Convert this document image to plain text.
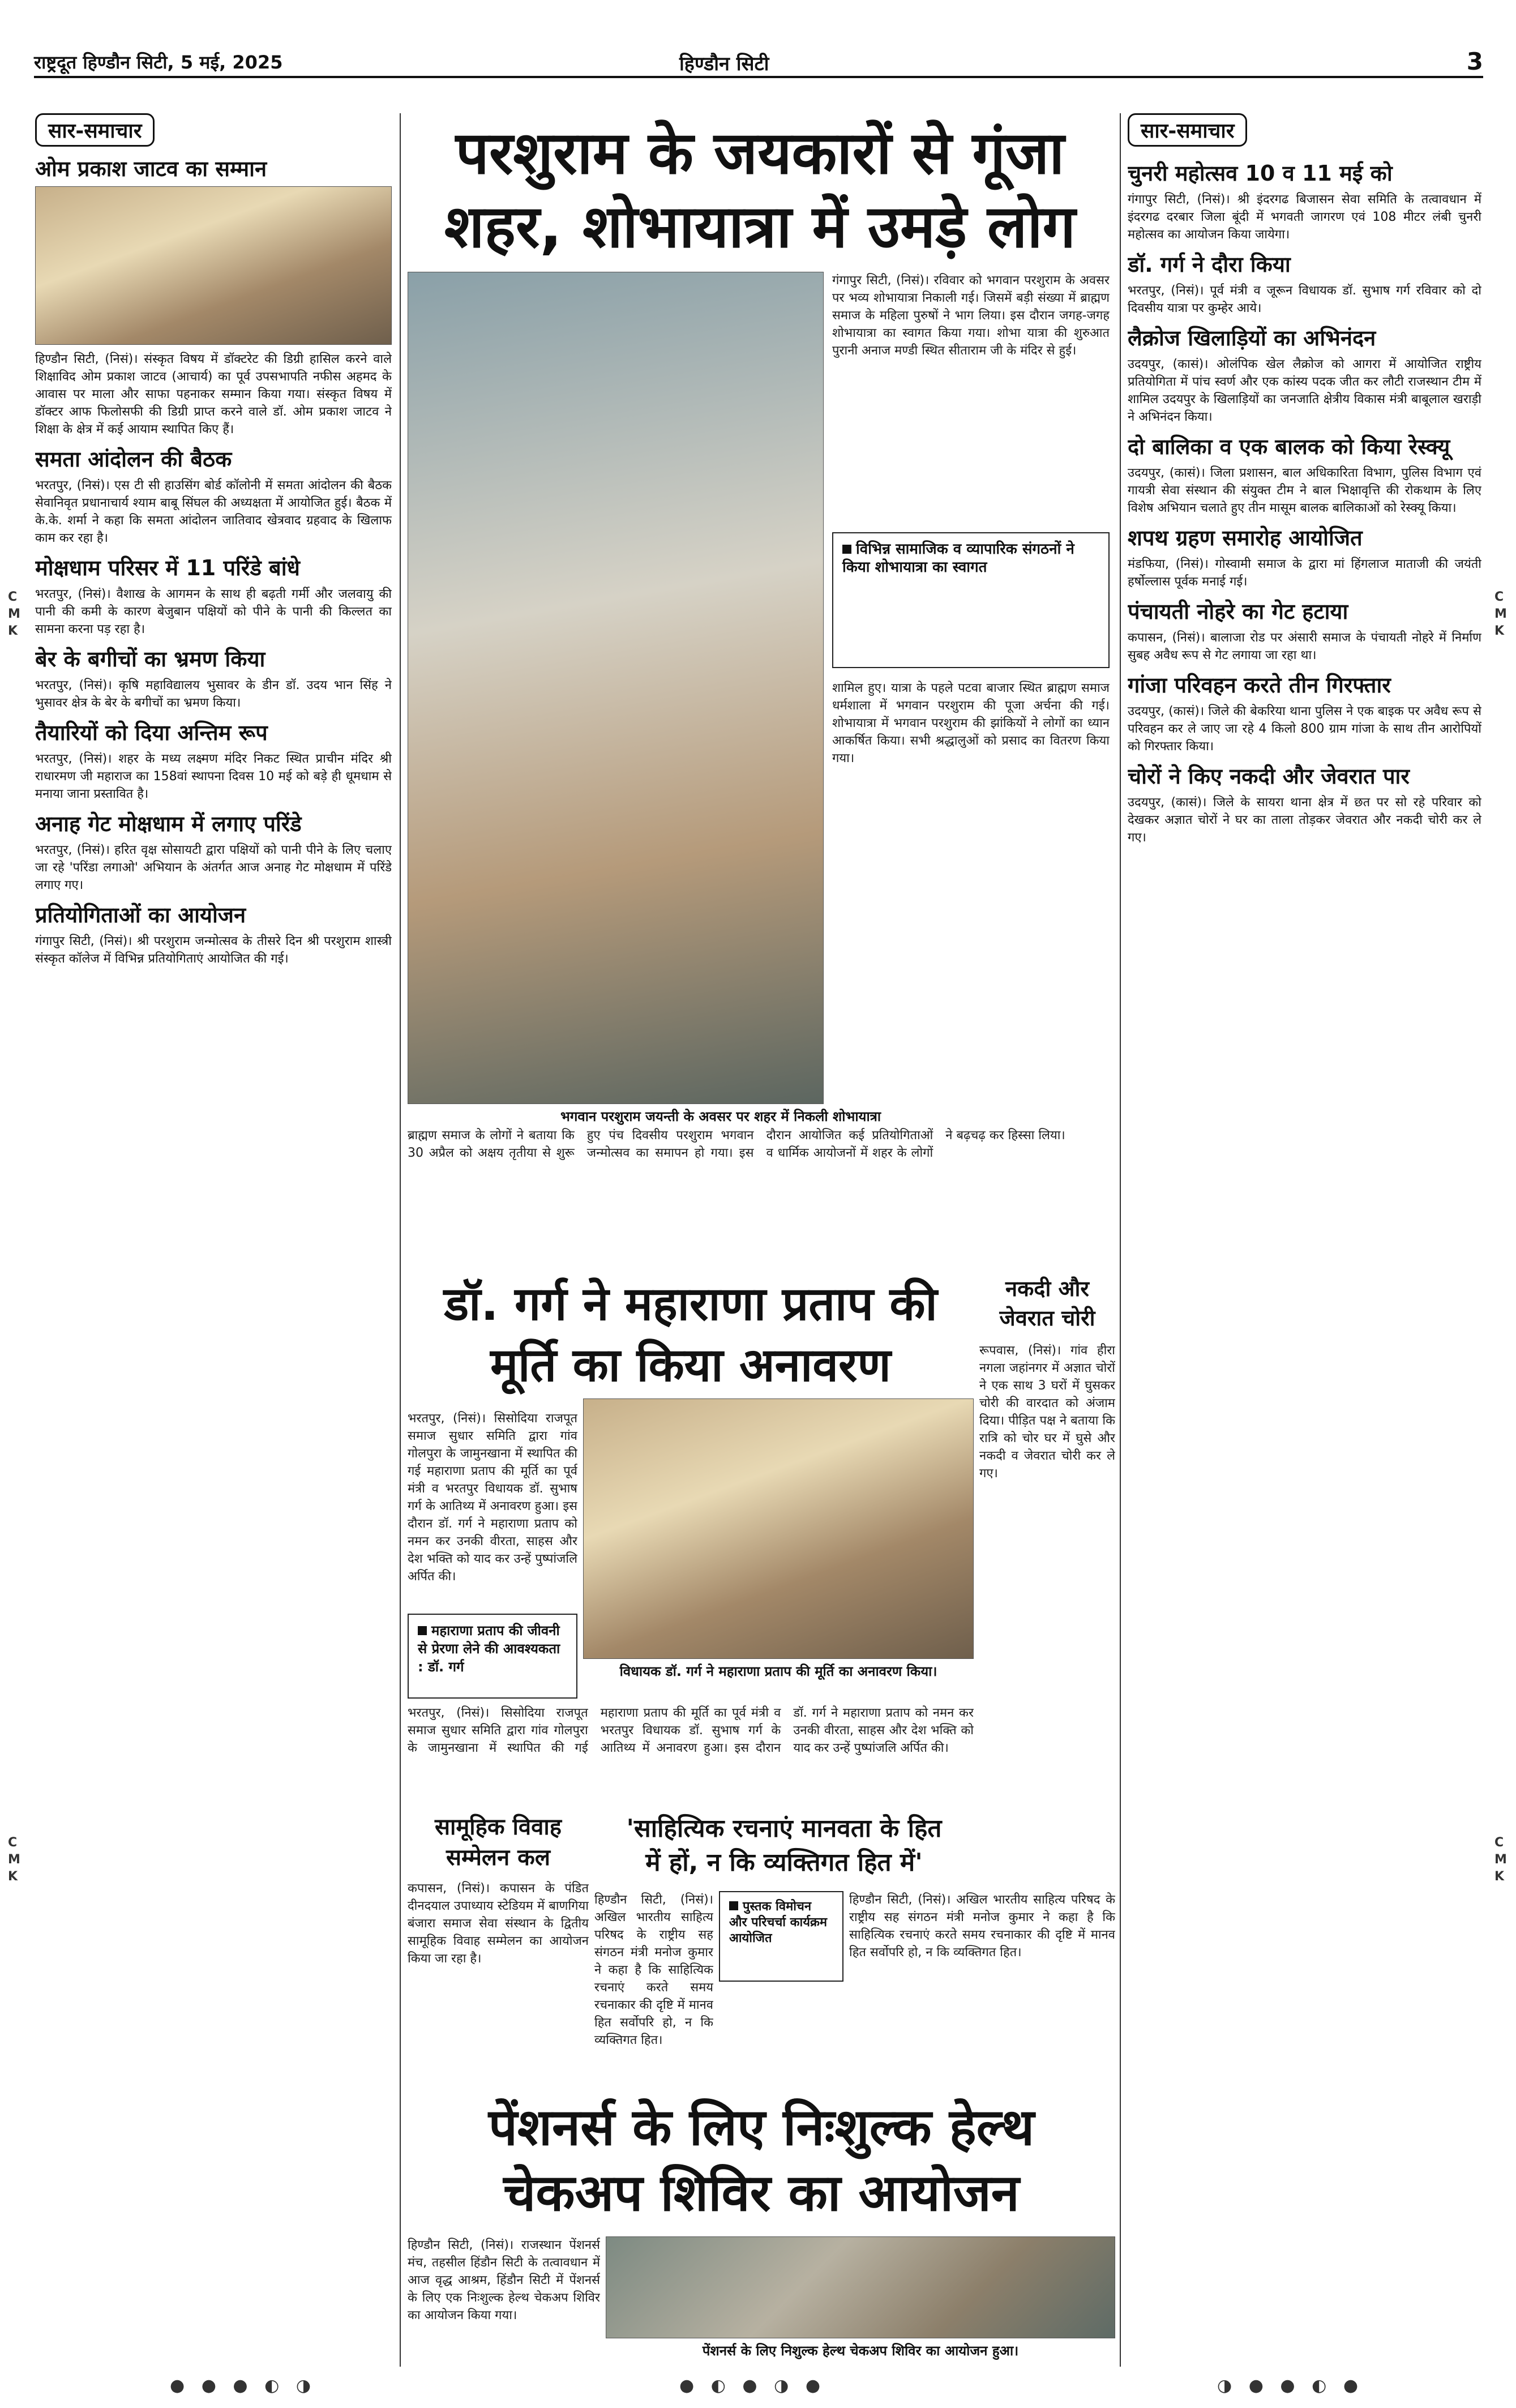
राष्ट्रदूत हिण्डौन सिटी, 5 मई, 2025	हिण्डौन सिटी	3
C
M
K
C
M
K
C
M
K
C
M
K
सार-समाचार
ओम प्रकाश जाटव का सम्मान
हिण्डौन सिटी, (निसं)। संस्कृत विषय में डॉक्टरेट की डिग्री हासिल करने वाले शिक्षाविद ओम प्रकाश जाटव (आचार्य) का पूर्व उपसभापति नफीस अहमद के आवास पर माला और साफा पहनाकर सम्मान किया गया। संस्कृत विषय में डॉक्टर आफ फिलोसफी की डिग्री प्राप्त करने वाले डॉ. ओम प्रकाश जाटव ने शिक्षा के क्षेत्र में कई आयाम स्थापित किए हैं।
समता आंदोलन की बैठक
भरतपुर, (निसं)। एस टी सी हाउसिंग बोर्ड कॉलोनी में समता आंदोलन की बैठक सेवानिवृत प्रधानाचार्य श्याम बाबू सिंघल की अध्यक्षता में आयोजित हुई। बैठक में के.के. शर्मा ने कहा कि समता आंदोलन जातिवाद खेत्रवाद ग्रहवाद के खिलाफ काम कर रहा है।
मोक्षधाम परिसर में 11 परिंडे बांधे
भरतपुर, (निसं)। वैशाख के आगमन के साथ ही बढ़ती गर्मी और जलवायु की पानी की कमी के कारण बेजुबान पक्षियों को पीने के पानी की किल्लत का सामना करना पड़ रहा है।
बेर के बगीचों का भ्रमण किया
भरतपुर, (निसं)। कृषि महाविद्यालय भुसावर के डीन डॉ. उदय भान सिंह ने भुसावर क्षेत्र के बेर के बगीचों का भ्रमण किया।
तैयारियों को दिया अन्तिम रूप
भरतपुर, (निसं)। शहर के मध्य लक्ष्मण मंदिर निकट स्थित प्राचीन मंदिर श्री राधारमण जी महाराज का 158वां स्थापना दिवस 10 मई को बड़े ही धूमधाम से मनाया जाना प्रस्तावित है।
अनाह गेट मोक्षधाम में लगाए परिंडे
भरतपुर, (निसं)। हरित वृक्ष सोसायटी द्वारा पक्षियों को पानी पीने के लिए चलाए जा रहे 'परिंडा लगाओ' अभियान के अंतर्गत आज अनाह गेट मोक्षधाम में परिंडे लगाए गए।
प्रतियोगिताओं का आयोजन
गंगापुर सिटी, (निसं)। श्री परशुराम जन्मोत्सव के तीसरे दिन श्री परशुराम शास्त्री संस्कृत कॉलेज में विभिन्न प्रतियोगिताएं आयोजित की गई।
परशुराम के जयकारों से गूंजा
शहर, शोभायात्रा में उमड़े लोग
भगवान परशुराम जयन्ती के अवसर पर शहर में निकली शोभायात्रा
गंगापुर सिटी, (निसं)। रविवार को भगवान परशुराम के अवसर पर भव्य शोभायात्रा निकाली गई। जिसमें बड़ी संख्या में ब्राह्मण समाज के महिला पुरुषों ने भाग लिया। इस दौरान जगह-जगह शोभायात्रा का स्वागत किया गया। शोभा यात्रा की शुरुआत पुरानी अनाज मण्डी स्थित सीताराम जी के मंदिर से हुई।
विभिन्न सामाजिक व व्यापारिक संगठनों ने किया शोभायात्रा का स्वागत
शामिल हुए। यात्रा के पहले पटवा बाजार स्थित ब्राह्मण समाज धर्मशाला में भगवान परशुराम की पूजा अर्चना की गई। शोभायात्रा में भगवान परशुराम की झांकियों ने लोगों का ध्यान आकर्षित किया। सभी श्रद्धालुओं को प्रसाद का वितरण किया गया।
ब्राह्मण समाज के लोगों ने बताया कि 30 अप्रैल को अक्षय तृतीया से शुरू हुए पंच दिवसीय परशुराम भगवान जन्मोत्सव का समापन हो गया। इस दौरान आयोजित कई प्रतियोगिताओं व धार्मिक आयोजनों में शहर के लोगों ने बढ़चढ़ कर हिस्सा लिया।
डॉ. गर्ग ने महाराणा प्रताप की
मूर्ति का किया अनावरण
नकदी और
जेवरात चोरी
भरतपुर, (निसं)। सिसोदिया राजपूत समाज सुधार समिति द्वारा गांव गोलपुरा के जामुनखाना में स्थापित की गई महाराणा प्रताप की मूर्ति का पूर्व मंत्री व भरतपुर विधायक डॉ. सुभाष गर्ग के आतिथ्य में अनावरण हुआ। इस दौरान डॉ. गर्ग ने महाराणा प्रताप को नमन कर उनकी वीरता, साहस और देश भक्ति को याद कर उन्हें पुष्पांजलि अर्पित की।
विधायक डॉ. गर्ग ने महाराणा प्रताप की मूर्ति का अनावरण किया।
महाराणा प्रताप की जीवनी से प्रेरणा लेने की आवश्यकता : डॉ. गर्ग
रूपवास, (निसं)। गांव हीरा नगला जहांनगर में अज्ञात चोरों ने एक साथ 3 घरों में घुसकर चोरी की वारदात को अंजाम दिया। पीड़ित पक्ष ने बताया कि रात्रि को चोर घर में घुसे और नकदी व जेवरात चोरी कर ले गए।
भरतपुर, (निसं)। सिसोदिया राजपूत समाज सुधार समिति द्वारा गांव गोलपुरा के जामुनखाना में स्थापित की गई महाराणा प्रताप की मूर्ति का पूर्व मंत्री व भरतपुर विधायक डॉ. सुभाष गर्ग के आतिथ्य में अनावरण हुआ। इस दौरान डॉ. गर्ग ने महाराणा प्रताप को नमन कर उनकी वीरता, साहस और देश भक्ति को याद कर उन्हें पुष्पांजलि अर्पित की।
सामूहिक विवाह
सम्मेलन कल
कपासन, (निसं)। कपासन के पंडित दीनदयाल उपाध्याय स्टेडियम में बाणगिया बंजारा समाज सेवा संस्थान के द्वितीय सामूहिक विवाह सम्मेलन का आयोजन किया जा रहा है।
'साहित्यिक रचनाएं मानवता के हित
में हों, न कि व्यक्तिगत हित में'
पुस्तक विमोचन और परिचर्चा कार्यक्रम आयोजित
हिण्डौन सिटी, (निसं)। अखिल भारतीय साहित्य परिषद के राष्ट्रीय सह संगठन मंत्री मनोज कुमार ने कहा है कि साहित्यिक रचनाएं करते समय रचनाकार की दृष्टि में मानव हित सर्वोपरि हो, न कि व्यक्तिगत हित।
हिण्डौन सिटी, (निसं)। अखिल भारतीय साहित्य परिषद के राष्ट्रीय सह संगठन मंत्री मनोज कुमार ने कहा है कि साहित्यिक रचनाएं करते समय रचनाकार की दृष्टि में मानव हित सर्वोपरि हो, न कि व्यक्तिगत हित।
पेंशनर्स के लिए निःशुल्क हेल्थ
चेकअप शिविर का आयोजन
हिण्डौन सिटी, (निसं)। राजस्थान पेंशनर्स मंच, तहसील हिंडौन सिटी के तत्वावधान में आज वृद्ध आश्रम, हिंडौन सिटी में पेंशनर्स के लिए एक निःशुल्क हेल्थ चेकअप शिविर का आयोजन किया गया।
पेंशनर्स के लिए निशुल्क हेल्थ चेकअप शिविर का आयोजन हुआ।
सार-समाचार
चुनरी महोत्सव 10 व 11 मई को
गंगापुर सिटी, (निसं)। श्री इंदरगढ बिजासन सेवा समिति के तत्वावधान में इंदरगढ दरबार जिला बूंदी में भगवती जागरण एवं 108 मीटर लंबी चुनरी महोत्सव का आयोजन किया जायेगा।
डॉ. गर्ग ने दौरा किया
भरतपुर, (निसं)। पूर्व मंत्री व जूरून विधायक डॉ. सुभाष गर्ग रविवार को दो दिवसीय यात्रा पर कुम्हेर आये।
लैक्रोज खिलाड़ियों का अभिनंदन
उदयपुर, (कासं)। ओलंपिक खेल लैक्रोज को आगरा में आयोजित राष्ट्रीय प्रतियोगिता में पांच स्वर्ण और एक कांस्य पदक जीत कर लौटी राजस्थान टीम में शामिल उदयपुर के खिलाड़ियों का जनजाति क्षेत्रीय विकास मंत्री बाबूलाल खराड़ी ने अभिनंदन किया।
दो बालिका व एक बालक को किया रेस्क्यू
उदयपुर, (कासं)। जिला प्रशासन, बाल अधिकारिता विभाग, पुलिस विभाग एवं गायत्री सेवा संस्थान की संयुक्त टीम ने बाल भिक्षावृत्ति की रोकथाम के लिए विशेष अभियान चलाते हुए तीन मासूम बालक बालिकाओं को रेस्क्यू किया।
शपथ ग्रहण समारोह आयोजित
मंडफिया, (निसं)। गोस्वामी समाज के द्वारा मां हिंगलाज माताजी की जयंती हर्षोल्लास पूर्वक मनाई गई।
पंचायती नोहरे का गेट हटाया
कपासन, (निसं)। बालाजा रोड पर अंसारी समाज के पंचायती नोहरे में निर्माण सुबह अवैध रूप से गेट लगाया जा रहा था।
गांजा परिवहन करते तीन गिरफ्तार
उदयपुर, (कासं)। जिले की बेकरिया थाना पुलिस ने एक बाइक पर अवैध रूप से परिवहन कर ले जाए जा रहे 4 किलो 800 ग्राम गांजा के साथ तीन आरोपियों को गिरफ्तार किया।
चोरों ने किए नकदी और जेवरात पार
उदयपुर, (कासं)। जिले के सायरा थाना क्षेत्र में छत पर सो रहे परिवार को देखकर अज्ञात चोरों ने घर का ताला तोड़कर जेवरात और नकदी चोरी कर ले गए।
● ● ● ◐ ◑	● ◐ ● ◑ ●	◑ ● ● ◐ ●
